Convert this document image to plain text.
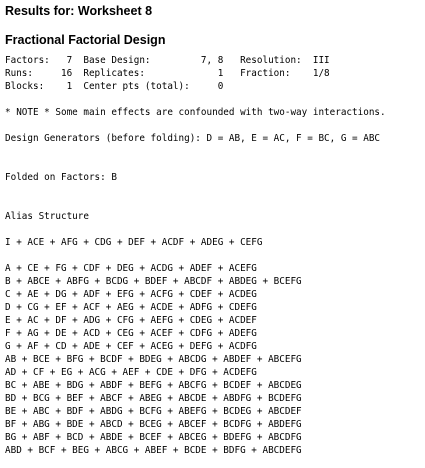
Results for: Worksheet 8
Fractional Factorial Design
Factors:   7  Base Design:         7, 8   Resolution:  III
Runs:     16  Replicates:             1   Fraction:    1/8
Blocks:    1  Center pts (total):     0
* NOTE * Some main effects are confounded with two-way interactions.
Design Generators (before folding): D = AB, E = AC, F = BC, G = ABC
Folded on Factors: B
Alias Structure
I + ACE + AFG + CDG + DEF + ACDF + ADEG + CEFG
A + CE + FG + CDF + DEG + ACDG + ADEF + ACEFG
B + ABCE + ABFG + BCDG + BDEF + ABCDF + ABDEG + BCEFG
C + AE + DG + ADF + EFG + ACFG + CDEF + ACDEG
D + CG + EF + ACF + AEG + ACDE + ADFG + CDEFG
E + AC + DF + ADG + CFG + AEFG + CDEG + ACDEF
F + AG + DE + ACD + CEG + ACEF + CDFG + ADEFG
G + AF + CD + ADE + CEF + ACEG + DEFG + ACDFG
AB + BCE + BFG + BCDF + BDEG + ABCDG + ABDEF + ABCEFG
AD + CF + EG + ACG + AEF + CDE + DFG + ACDEFG
BC + ABE + BDG + ABDF + BEFG + ABCFG + BCDEF + ABCDEG
BD + BCG + BEF + ABCF + ABEG + ABCDE + ABDFG + BCDEFG
BE + ABC + BDF + ABDG + BCFG + ABEFG + BCDEG + ABCDEF
BF + ABG + BDE + ABCD + BCEG + ABCEF + BCDFG + ABDEFG
BG + ABF + BCD + ABDE + BCEF + ABCEG + BDEFG + ABCDFG
ABD + BCF + BEG + ABCG + ABEF + BCDE + BDFG + ABCDEFG
